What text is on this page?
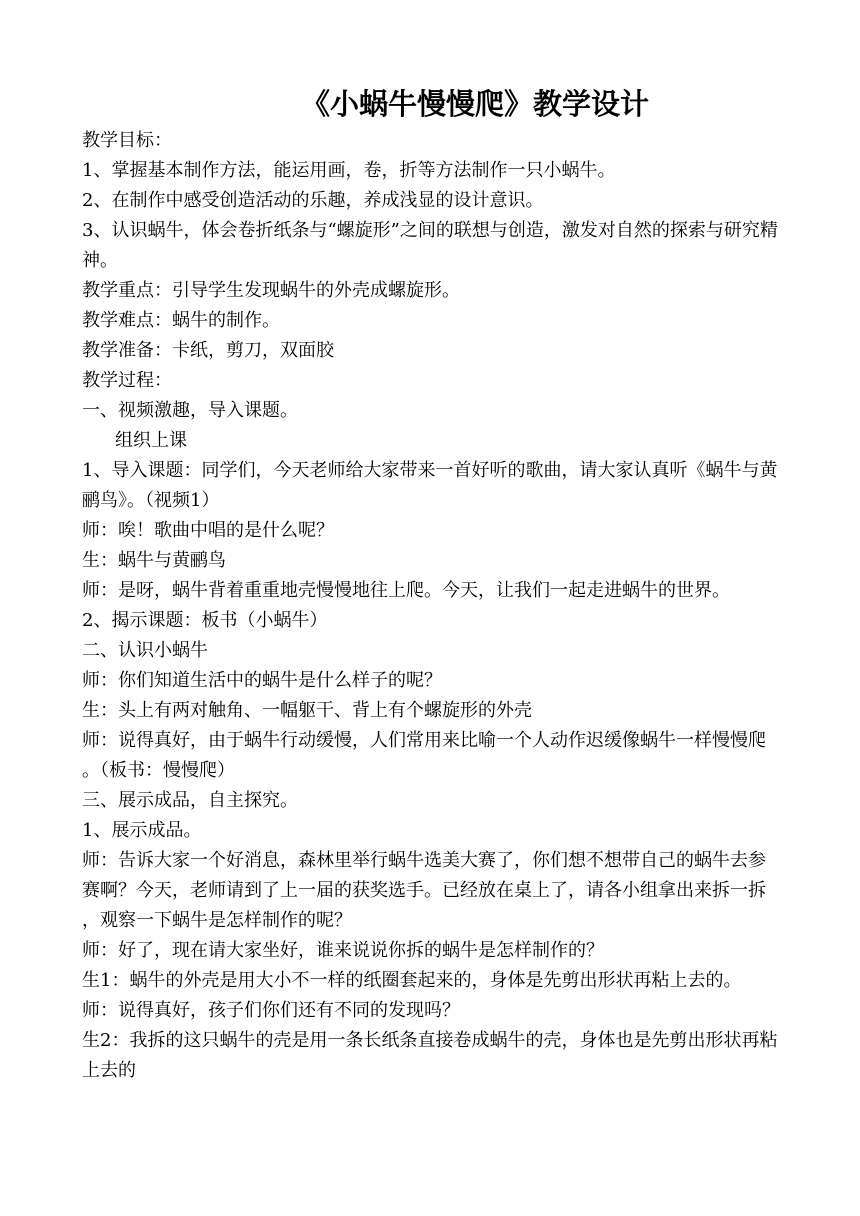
《小蜗牛慢慢爬》教学设计

教学目标：

1、掌握基本制作方法，能运用画，卷，折等方法制作一只小蜗牛。

2、在制作中感受创造活动的乐趣，养成浅显的设计意识。

3、认识蜗牛，体会卷折纸条与“螺旋形”之间的联想与创造，激发对自然的探索与研究精神。

教学重点：引导学生发现蜗牛的外壳成螺旋形。

教学难点：蜗牛的制作。

教学准备：卡纸，剪刀，双面胶

教学过程：

一、视频激趣，导入课题。

组织上课

1、导入课题：同学们，今天老师给大家带来一首好听的歌曲，请大家认真听《蜗牛与黄鹂鸟》。（视频1）

师：唉！歌曲中唱的是什么呢？

生：蜗牛与黄鹂鸟

师：是呀，蜗牛背着重重地壳慢慢地往上爬。今天，让我们一起走进蜗牛的世界。

2、揭示课题：板书（小蜗牛）

二、认识小蜗牛

师：你们知道生活中的蜗牛是什么样子的呢？

生：头上有两对触角、一幅躯干、背上有个螺旋形的外壳

师：说得真好，由于蜗牛行动缓慢，人们常用来比喻一个人动作迟缓像蜗牛一样慢慢爬。（板书：慢慢爬）

三、展示成品，自主探究。

1、展示成品。

师：告诉大家一个好消息，森林里举行蜗牛选美大赛了，你们想不想带自己的蜗牛去参赛啊？今天，老师请到了上一届的获奖选手。已经放在桌上了，请各小组拿出来拆一拆，观察一下蜗牛是怎样制作的呢？

师：好了，现在请大家坐好，谁来说说你拆的蜗牛是怎样制作的？

生1：蜗牛的外壳是用大小不一样的纸圈套起来的，身体是先剪出形状再粘上去的。

师：说得真好，孩子们你们还有不同的发现吗？

生2：我拆的这只蜗牛的壳是用一条长纸条直接卷成蜗牛的壳，身体也是先剪出形状再粘上去的
